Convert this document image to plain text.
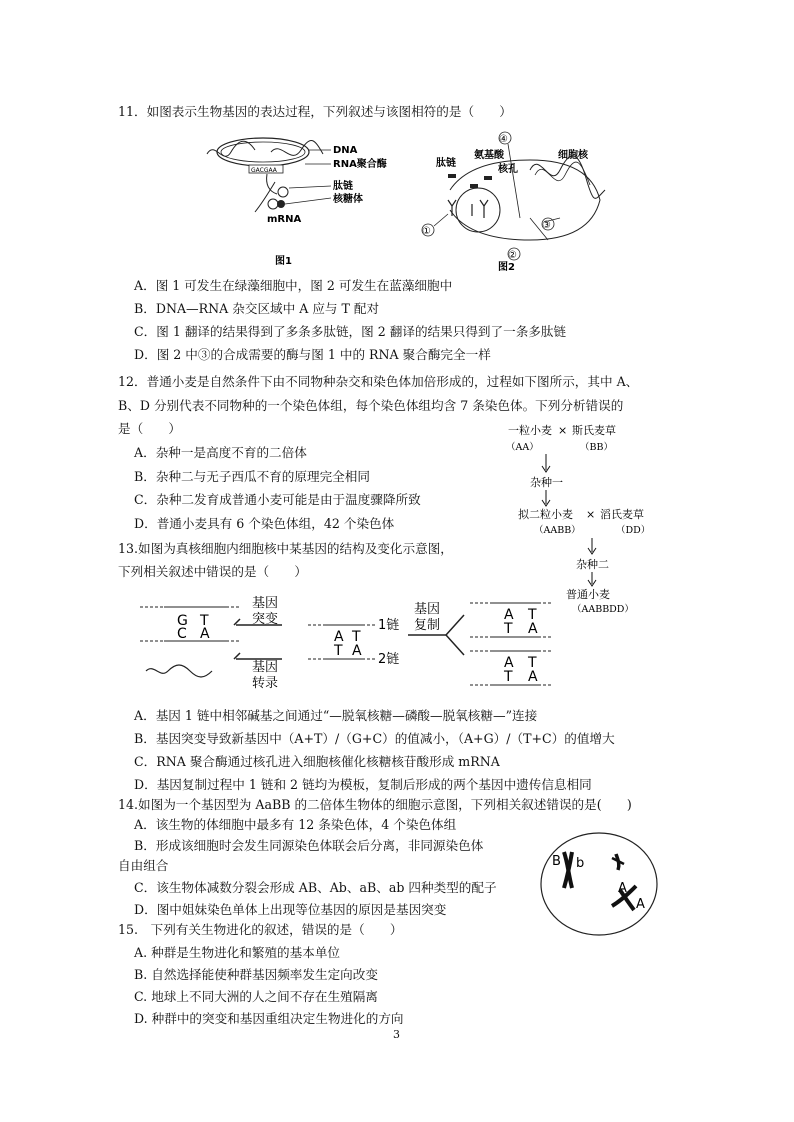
11．如图表示生物基因的表达过程，下列叙述与该图相符的是（　　）
GACGAA
DNA
RNA聚合酶
肽链
核糖体
mRNA
图1
④
细胞核
氨基酸
肽链
核孔
①
②
③
图2
A．图 1 可发生在绿藻细胞中，图 2 可发生在蓝藻细胞中
B．DNA—RNA 杂交区域中 A 应与 T 配对
C．图 1 翻译的结果得到了多条多肽链，图 2 翻译的结果只得到了一条多肽链
D．图 2 中③的合成需要的酶与图 1 中的 RNA 聚合酶完全一样
12．普通小麦是自然条件下由不同物种杂交和染色体加倍形成的，过程如下图所示，其中 A、
B、D 分别代表不同物种的一个染色体组，每个染色体组均含 7 条染色体。下列分析错误的
是（　　）
A．杂种一是高度不育的二倍体
B．杂种二与无子西瓜不育的原理完全相同
C．杂种二发育成普通小麦可能是由于温度骤降所致
D．普通小麦具有 6 个染色体组，42 个染色体
一粒小麦 × 斯氏麦草
（AA）	（BB）
杂种一
拟二粒小麦 × 滔氏麦草
（AABB）	（DD）
杂种二
普通小麦
（AABBDD）
13.如图为真核细胞内细胞核中某基因的结构及变化示意图，
下列相关叙述中错误的是（　　）
G T
C A
基因
突变
基因
转录
A T
T A
1链
2链
基因
复制
A T
T A
A T
T A
A．基因 1 链中相邻碱基之间通过“—脱氧核糖—磷酸—脱氧核糖—”连接
B．基因突变导致新基因中（A+T）/（G+C）的值减小，（A+G）/（T+C）的值增大
C．RNA 聚合酶通过核孔进入细胞核催化核糖核苷酸形成 mRNA
D．基因复制过程中 1 链和 2 链均为模板，复制后形成的两个基因中遗传信息相同
14.如图为一个基因型为 AaBB 的二倍体生物体的细胞示意图，下列相关叙述错误的是(　　)
A．该生物的体细胞中最多有 12 条染色体，4 个染色体组
B．形成该细胞时会发生同源染色体联会后分离，非同源染色体
自由组合
C．该生物体减数分裂会形成 AB、Ab、aB、ab 四种类型的配子
D．图中姐妹染色单体上出现等位基因的原因是基因突变
B b
A
A
15.　下列有关生物进化的叙述，错误的是（　　）
A. 种群是生物进化和繁殖的基本单位
B. 自然选择能使种群基因频率发生定向改变
C. 地球上不同大洲的人之间不存在生殖隔离
D. 种群中的突变和基因重组决定生物进化的方向
3
